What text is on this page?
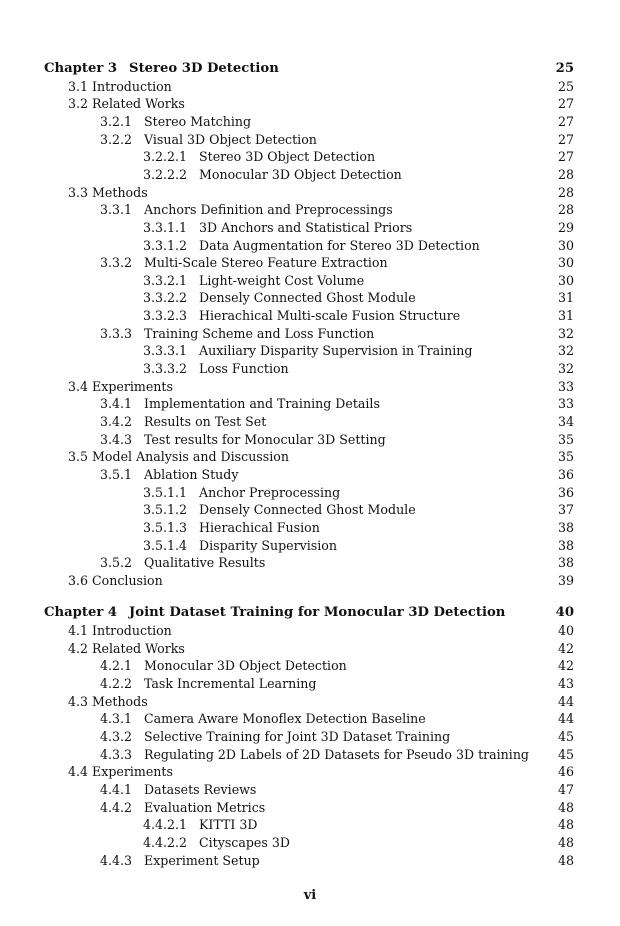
Chapter 3 Stereo 3D Detection	25
3.1 Introduction	25
3.2 Related Works	27
3.2.1 Stereo Matching	27
3.2.2 Visual 3D Object Detection	27
3.2.2.1 Stereo 3D Object Detection	27
3.2.2.2 Monocular 3D Object Detection	28
3.3 Methods	28
3.3.1 Anchors Definition and Preprocessings	28
3.3.1.1 3D Anchors and Statistical Priors	29
3.3.1.2 Data Augmentation for Stereo 3D Detection	30
3.3.2 Multi-Scale Stereo Feature Extraction	30
3.3.2.1 Light-weight Cost Volume	30
3.3.2.2 Densely Connected Ghost Module	31
3.3.2.3 Hierachical Multi-scale Fusion Structure	31
3.3.3 Training Scheme and Loss Function	32
3.3.3.1 Auxiliary Disparity Supervision in Training	32
3.3.3.2 Loss Function	32
3.4 Experiments	33
3.4.1 Implementation and Training Details	33
3.4.2 Results on Test Set	34
3.4.3 Test results for Monocular 3D Setting	35
3.5 Model Analysis and Discussion	35
3.5.1 Ablation Study	36
3.5.1.1 Anchor Preprocessing	36
3.5.1.2 Densely Connected Ghost Module	37
3.5.1.3 Hierachical Fusion	38
3.5.1.4 Disparity Supervision	38
3.5.2 Qualitative Results	38
3.6 Conclusion	39
Chapter 4 Joint Dataset Training for Monocular 3D Detection	40
4.1 Introduction	40
4.2 Related Works	42
4.2.1 Monocular 3D Object Detection	42
4.2.2 Task Incremental Learning	43
4.3 Methods	44
4.3.1 Camera Aware Monoflex Detection Baseline	44
4.3.2 Selective Training for Joint 3D Dataset Training	45
4.3.3 Regulating 2D Labels of 2D Datasets for Pseudo 3D training 45
4.4 Experiments	46
4.4.1 Datasets Reviews	47
4.4.2 Evaluation Metrics	48
4.4.2.1 KITTI 3D	48
4.4.2.2 Cityscapes 3D	48
4.4.3 Experiment Setup	48
vi
